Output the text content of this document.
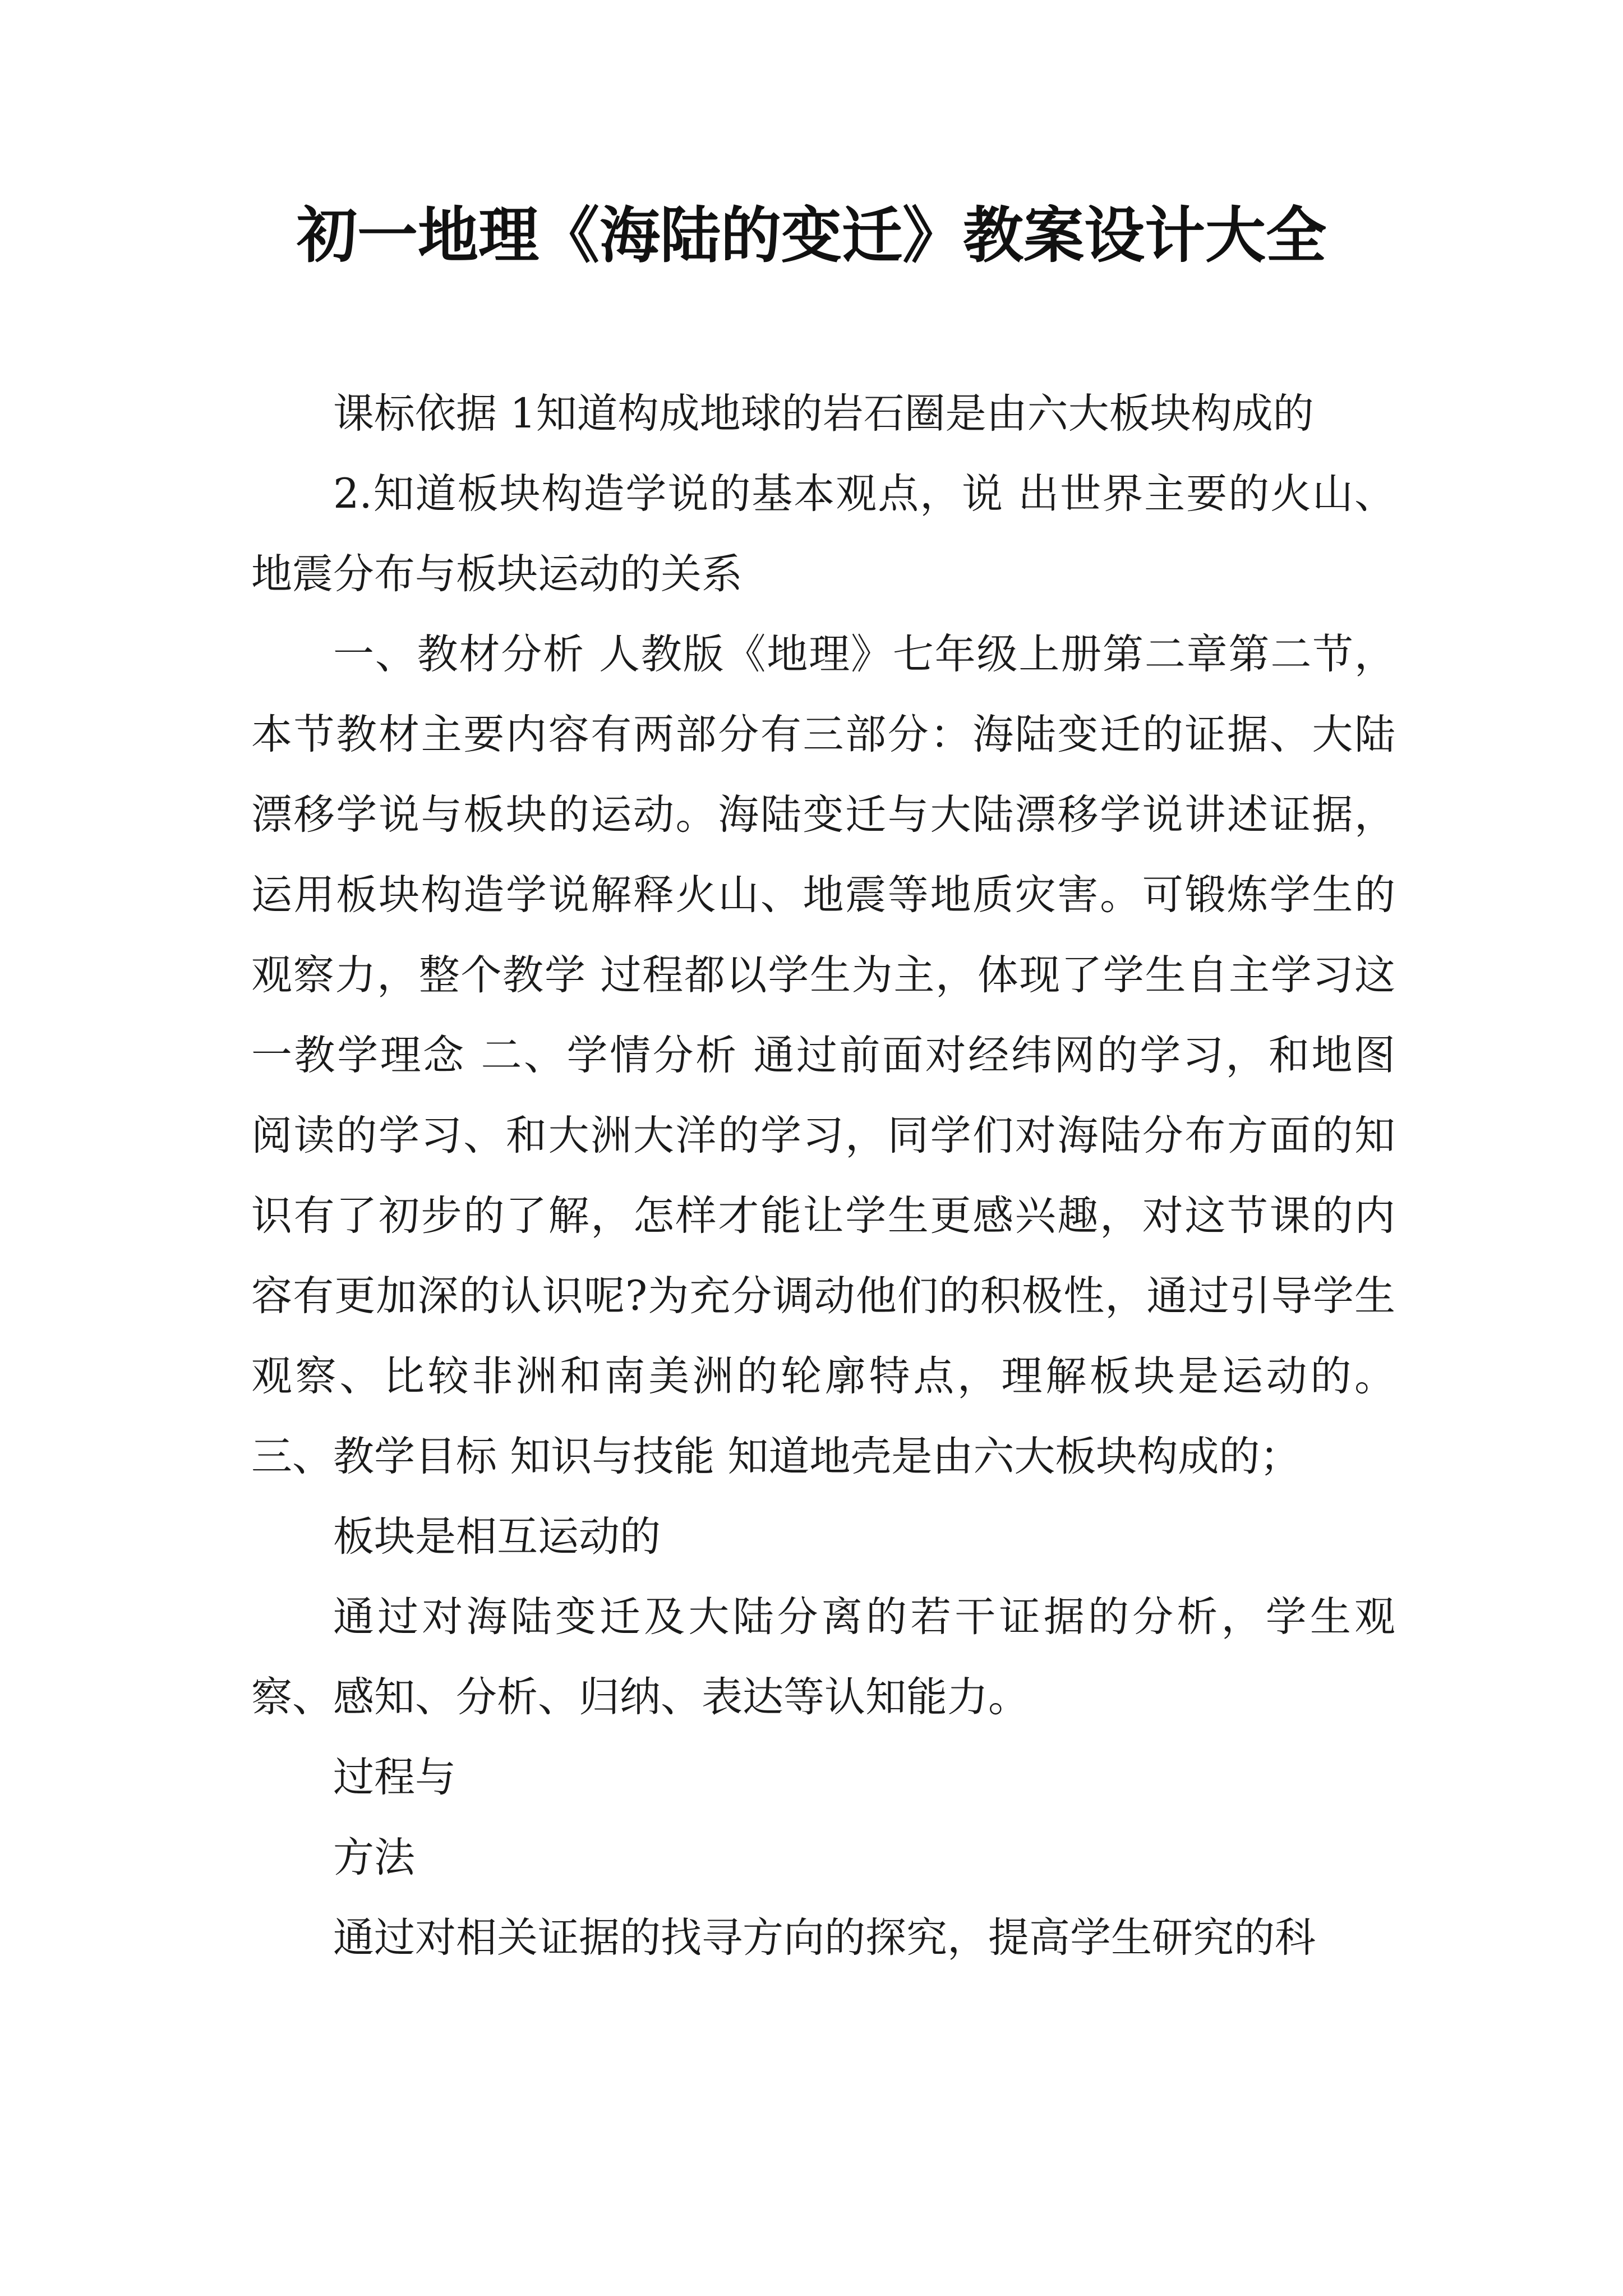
初一地理《海陆的变迁》教案设计大全

课标依据 1知道构成地球的岩石圈是由六大板块构成的

2.知道板块构造学说的基本观点，说 出世界主要的火山、地震分布与板块运动的关系

一、教材分析 人教版《地理》七年级上册第二章第二节，本节教材主要内容有两部分有三部分：海陆变迁的证据、大陆漂移学说与板块的运动。海陆变迁与大陆漂移学说讲述证据，运用板块构造学说解释火山、地震等地质灾害。可锻炼学生的观察力，整个教学 过程都以学生为主，体现了学生自主学习这一教学理念 二、学情分析 通过前面对经纬网的学习，和地图 阅读的学习、和大洲大洋的学习，同学们对海陆分布方面的知识有了初步的了解，怎样才能让学生更感兴趣，对这节课的内容有更加深的认识呢?为充分调动他们的积极性，通过引导学生观察、比较非洲和南美洲的轮廓特点，理解板块是运动的。 三、教学目标 知识与技能 知道地壳是由六大板块构成的；

板块是相互运动的

通过对海陆变迁及大陆分离的若干证据的分析，学生观察、感知、分析、归纳、表达等认知能力。

过程与

方法

通过对相关证据的找寻方向的探究，提高学生研究的科
